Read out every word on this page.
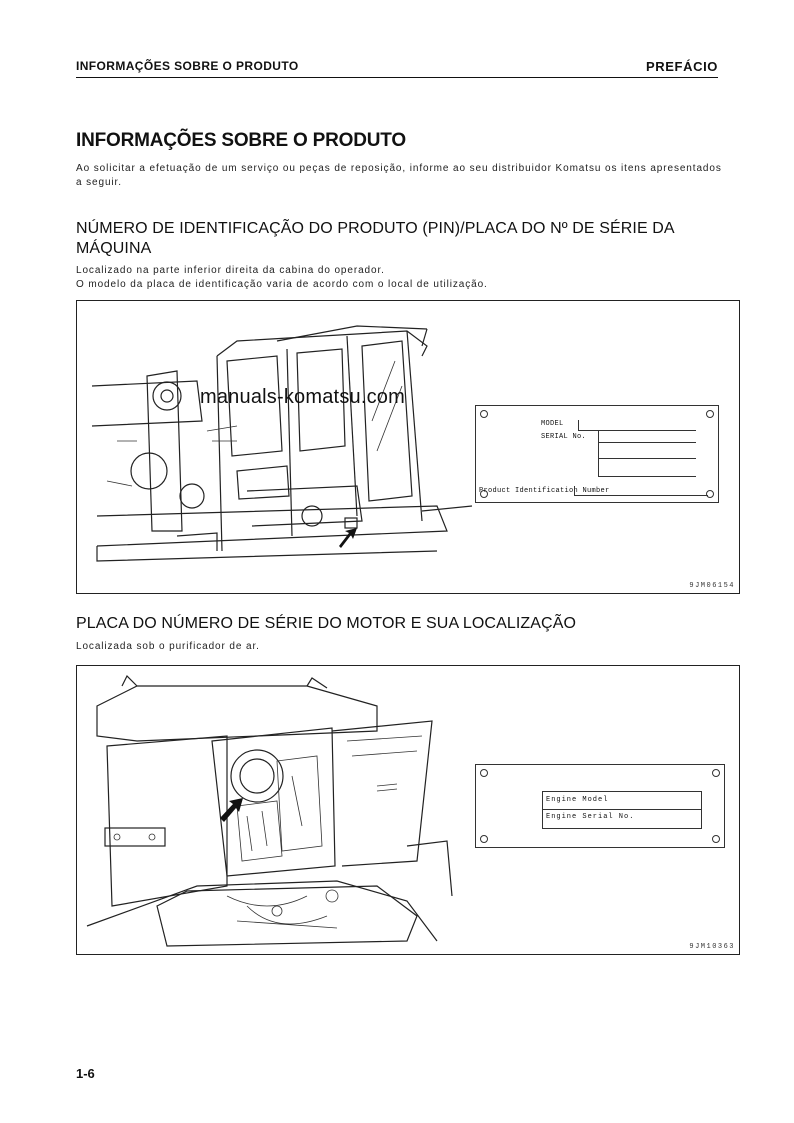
INFORMAÇÕES SOBRE O PRODUTO	PREFÁCIO
INFORMAÇÕES SOBRE O PRODUTO
Ao solicitar a efetuação de um serviço ou peças de reposição, informe ao seu distribuidor Komatsu os itens apresentados a seguir.
NÚMERO DE IDENTIFICAÇÃO DO PRODUTO (PIN)/PLACA DO Nº DE SÉRIE DA
MÁQUINA
Localizado na parte inferior direita da cabina do operador.
O modelo da placa de identificação varia de acordo com o local de utilização.
MODEL
SERIAL No.
Product Identification Number
9JM06154
manuals-komatsu.com
PLACA DO NÚMERO DE SÉRIE DO MOTOR E SUA LOCALIZAÇÃO
Localizada sob o purificador de ar.
Engine Model
Engine Serial No.
9JM10363
1-6
